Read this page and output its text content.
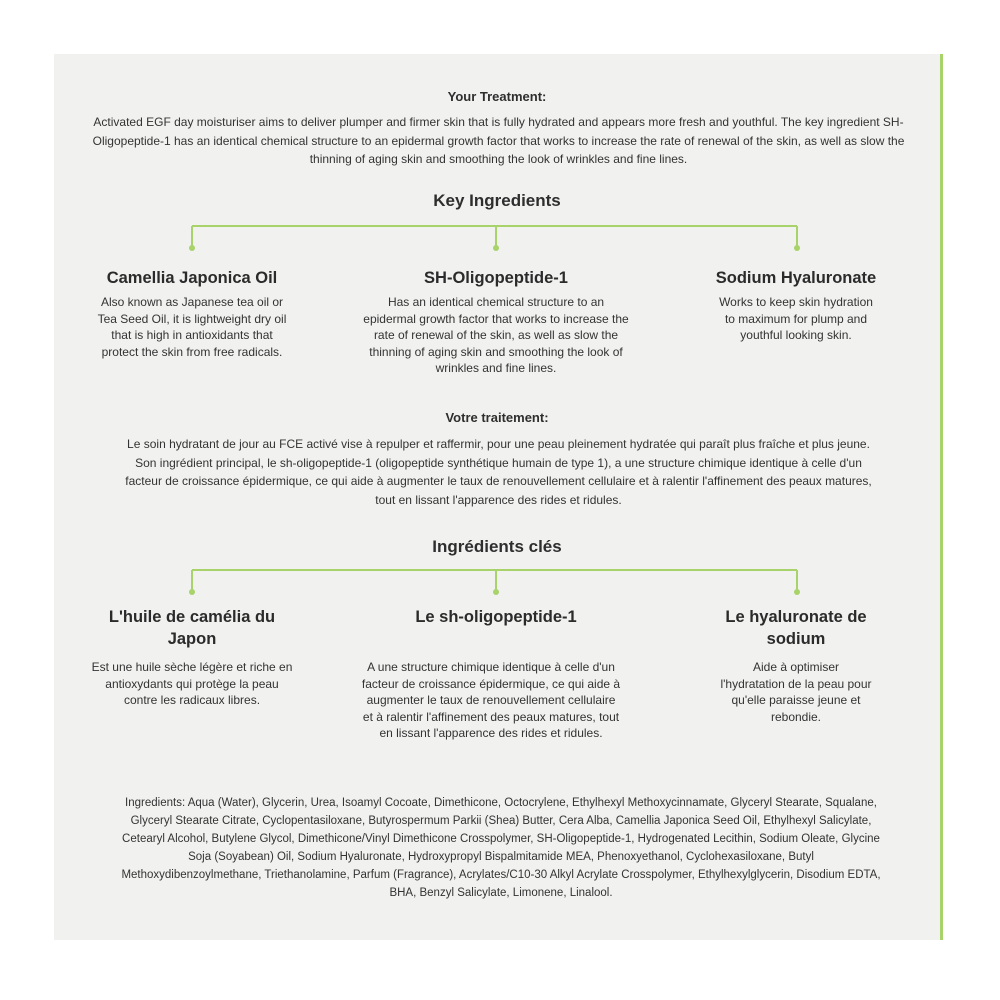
Your Treatment:

Activated EGF day moisturiser aims to deliver plumper and firmer skin that is fully hydrated and appears more fresh and youthful. The key ingredient SH-Oligopeptide-1 has an identical chemical structure to an epidermal growth factor that works to increase the rate of renewal of the skin, as well as slow the thinning of aging skin and smoothing the look of wrinkles and fine lines.

Key Ingredients

Camellia Japonica Oil

Also known as Japanese tea oil or Tea Seed Oil, it is lightweight dry oil that is high in antioxidants that protect the skin from free radicals.

SH-Oligopeptide-1

Has an identical chemical structure to an epidermal growth factor that works to increase the rate of renewal of the skin, as well as slow the thinning of aging skin and smoothing the look of wrinkles and fine lines.

Sodium Hyaluronate

Works to keep skin hydration to maximum for plump and youthful looking skin.

Votre traitement:

Le soin hydratant de jour au FCE activé vise à repulper et raffermir, pour une peau pleinement hydratée qui paraît plus fraîche et plus jeune. Son ingrédient principal, le sh-oligopeptide-1 (oligopeptide synthétique humain de type 1), a une structure chimique identique à celle d'un facteur de croissance épidermique, ce qui aide à augmenter le taux de renouvellement cellulaire et à ralentir l'affinement des peaux matures, tout en lissant l'apparence des rides et ridules.

Ingrédients clés

L'huile de camélia du Japon

Est une huile sèche légère et riche en antioxydants qui protège la peau contre les radicaux libres.

Le sh-oligopeptide-1

A une structure chimique identique à celle d'un facteur de croissance épidermique, ce qui aide à augmenter le taux de renouvellement cellulaire et à ralentir l'affinement des peaux matures, tout en lissant l'apparence des rides et ridules.

Le hyaluronate de sodium

Aide à optimiser l'hydratation de la peau pour qu'elle paraisse jeune et rebondie.

Ingredients: Aqua (Water), Glycerin, Urea, Isoamyl Cocoate, Dimethicone, Octocrylene, Ethylhexyl Methoxycinnamate, Glyceryl Stearate, Squalane, Glyceryl Stearate Citrate, Cyclopentasiloxane, Butyrospermum Parkii (Shea) Butter, Cera Alba, Camellia Japonica Seed Oil, Ethylhexyl Salicylate, Cetearyl Alcohol, Butylene Glycol, Dimethicone/Vinyl Dimethicone Crosspolymer, SH-Oligopeptide-1, Hydrogenated Lecithin, Sodium Oleate, Glycine Soja (Soyabean) Oil, Sodium Hyaluronate, Hydroxypropyl Bispalmitamide MEA, Phenoxyethanol, Cyclohexasiloxane, Butyl Methoxydibenzoylmethane, Triethanolamine, Parfum (Fragrance), Acrylates/C10-30 Alkyl Acrylate Crosspolymer, Ethylhexylglycerin, Disodium EDTA, BHA, Benzyl Salicylate, Limonene, Linalool.
